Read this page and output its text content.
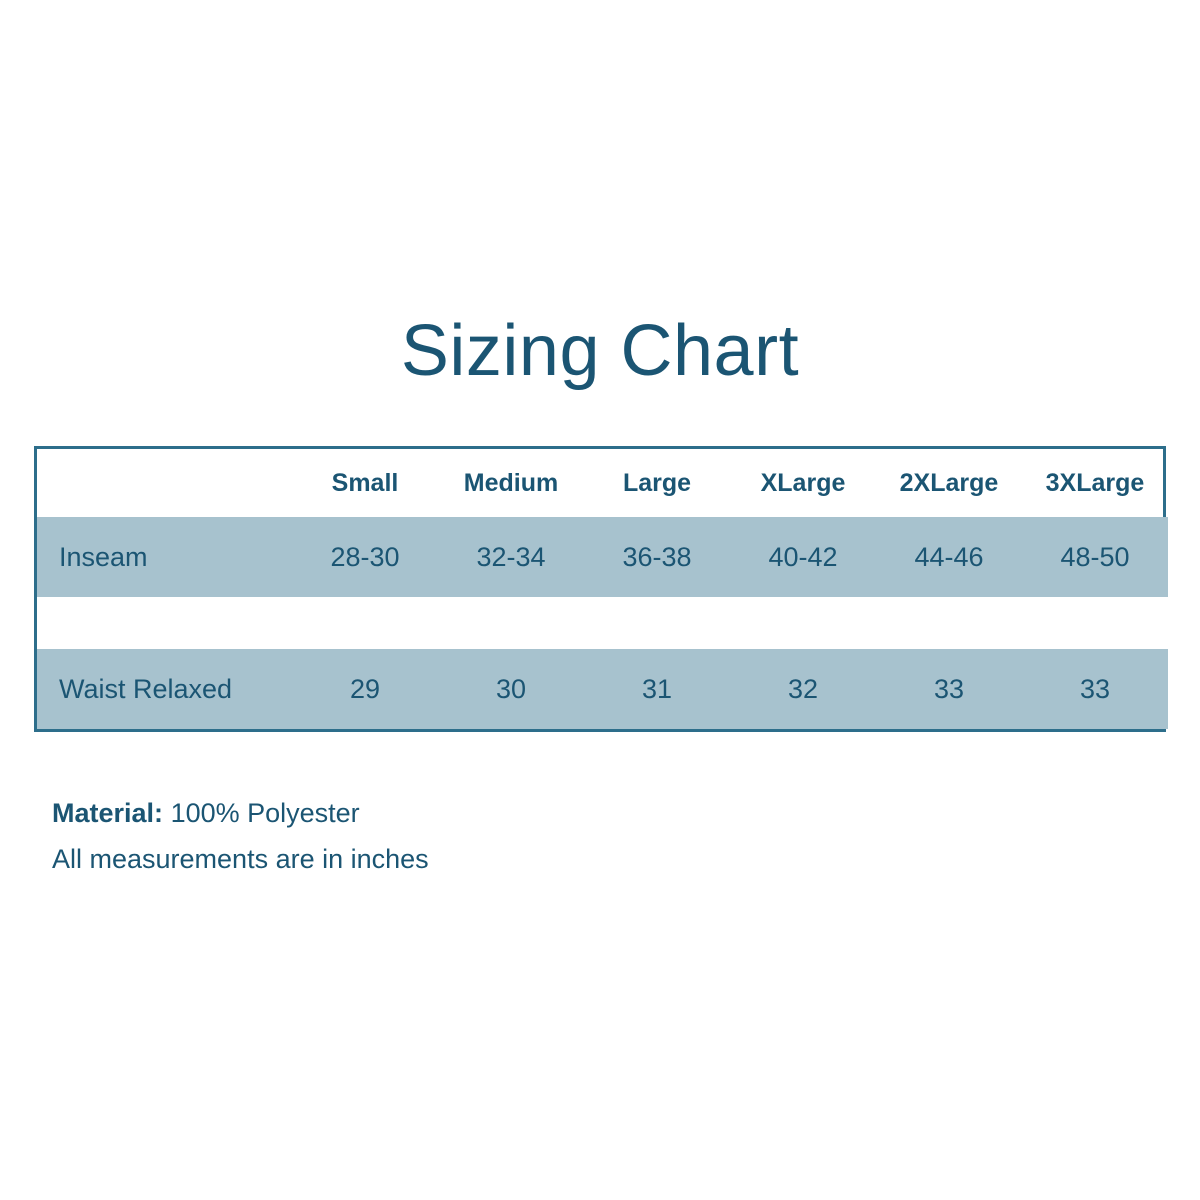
Sizing Chart
	Small	Medium	Large	XLarge	2XLarge	3XLarge
Inseam	28-30	32-34	36-38	40-42	44-46	48-50

Waist Relaxed	29	30	31	32	33	33
Material: 100% Polyester
All measurements are in inches
